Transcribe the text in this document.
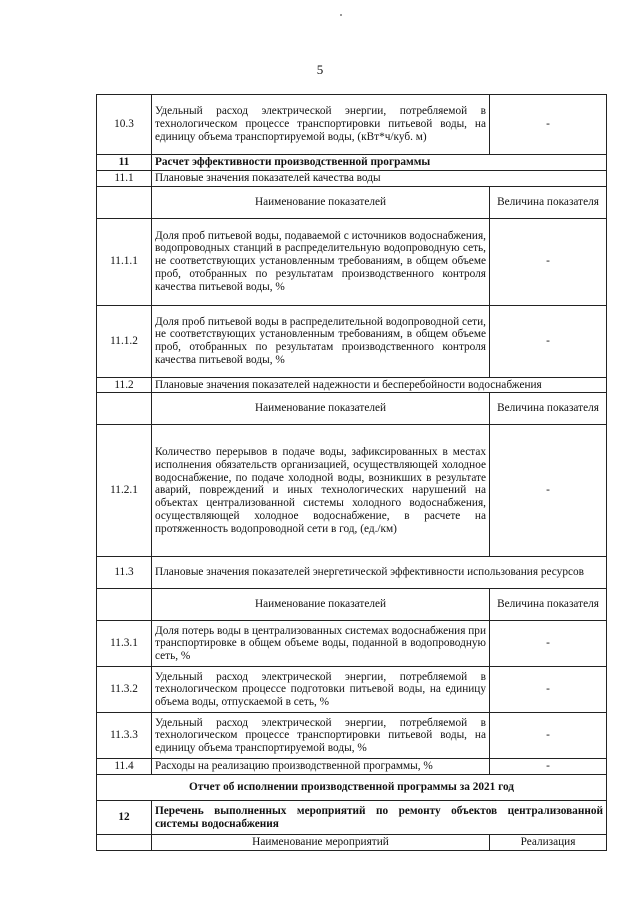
5
10.3	Удельный расход электрической энергии, потребляемой в технологическом процессе транспортировки питьевой воды, на единицу объема транспортируемой воды, (кВт*ч/куб. м)	-
11	Расчет эффективности производственной программы	
11.1	Плановые значения показателей качества воды	
	Наименование показателей	Величина показателя
11.1.1	Доля проб питьевой воды, подаваемой с источников водоснабжения, водопроводных станций в распределительную водопроводную сеть, не соответствующих установленным требованиям, в общем объеме проб, отобранных по результатам производственного контроля качества питьевой воды, %	-
11.1.2	Доля проб питьевой воды в распределительной водопроводной сети, не соответствующих установленным требованиям, в общем объеме проб, отобранных по результатам производственного контроля качества питьевой воды, %	-
11.2	Плановые значения показателей надежности и бесперебойности водоснабжения	
	Наименование показателей	Величина показателя
11.2.1	Количество перерывов в подаче воды, зафиксированных в местах исполнения обязательств организацией, осуществляющей холодное водоснабжение, по подаче холодной воды, возникших в результате аварий, повреждений и иных технологических нарушений на объектах централизованной системы холодного водоснабжения, осуществляющей холодное водоснабжение, в расчете на протяженность водопроводной сети в год, (ед./км)	-
11.3	Плановые значения показателей энергетической эффективности использования ресурсов	
	Наименование показателей	Величина показателя
11.3.1	Доля потерь воды в централизованных системах водоснабжения при транспортировке в общем объеме воды, поданной в водопроводную сеть, %	-
11.3.2	Удельный расход электрической энергии, потребляемой в технологическом процессе подготовки питьевой воды, на единицу объема воды, отпускаемой в сеть, %	-
11.3.3	Удельный расход электрической энергии, потребляемой в технологическом процессе транспортировки питьевой воды, на единицу объема транспортируемой воды, %	-
11.4	Расходы на реализацию производственной программы, %	-
Отчет об исполнении производственной программы за 2021 год		
12	Перечень выполненных мероприятий по ремонту объектов централизованной системы водоснабжения	
	Наименование мероприятий	Реализация
